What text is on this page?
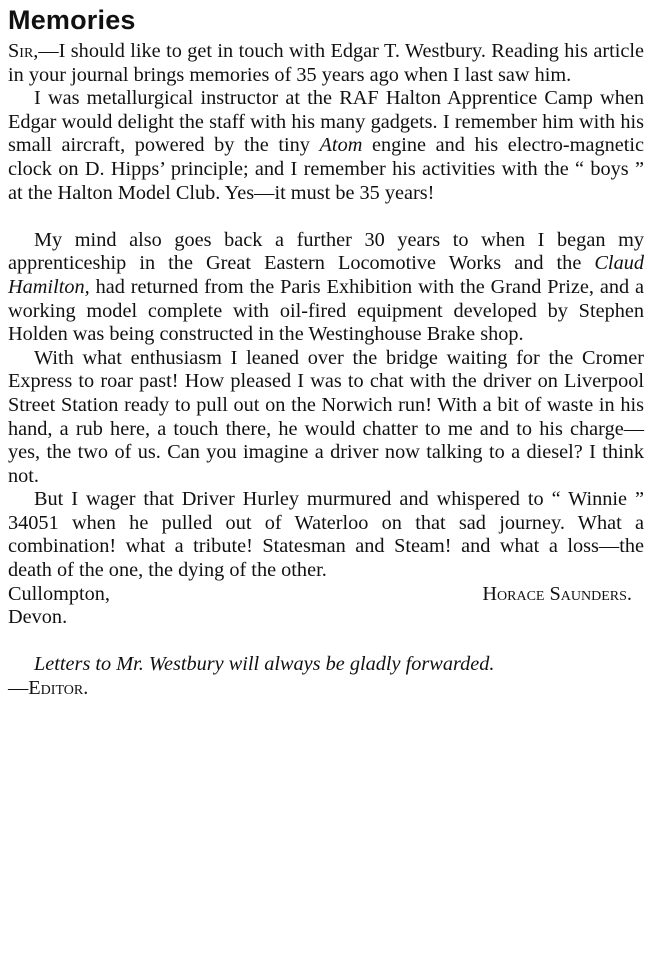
Memories

Sir,—I should like to get in touch with Edgar T. Westbury. Reading his article in your journal brings memories of 35 years ago when I last saw him.

I was metallurgical instructor at the RAF Halton Apprentice Camp when Edgar would delight the staff with his many gadgets. I remember him with his small aircraft, powered by the tiny Atom engine and his electro-magnetic clock on D. Hipps’ principle; and I remember his activities with the “ boys ” at the Halton Model Club. Yes—it must be 35 years!

My mind also goes back a further 30 years to when I began my apprenticeship in the Great Eastern Locomotive Works and the Claud Hamilton, had returned from the Paris Exhibition with the Grand Prize, and a working model complete with oil-fired equipment developed by Stephen Holden was being constructed in the Westinghouse Brake shop.

With what enthusiasm I leaned over the bridge waiting for the Cromer Express to roar past! How pleased I was to chat with the driver on Liverpool Street Station ready to pull out on the Norwich run! With a bit of waste in his hand, a rub here, a touch there, he would chatter to me and to his charge—yes, the two of us. Can you imagine a driver now talking to a diesel? I think not.

But I wager that Driver Hurley murmured and whispered to “ Winnie ” 34051 when he pulled out of Waterloo on that sad journey. What a combination! what a tribute! Statesman and Steam! and what a loss—the death of the one, the dying of the other.

Cullompton,	Horace Saunders.
Devon.
Letters to Mr. Westbury will always be gladly forwarded.
—Editor.
